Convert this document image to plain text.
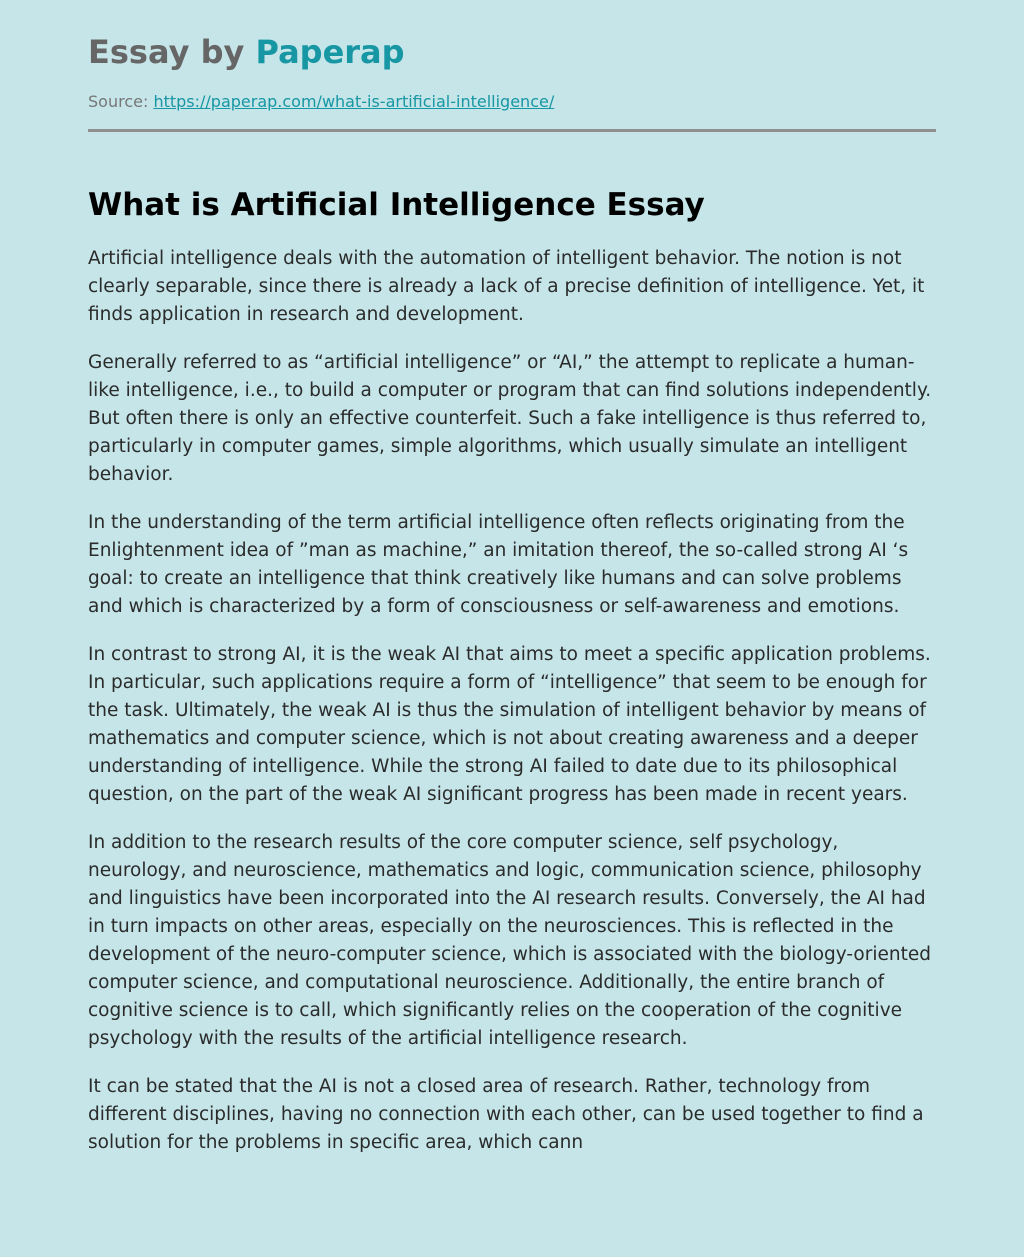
Essay by Paperap
Source: https://paperap.com/what-is-artificial-intelligence/
What is Artificial Intelligence Essay

Artificial intelligence deals with the automation of intelligent behavior. The notion is not clearly separable, since there is already a lack of a precise definition of intelligence. Yet, it finds application in research and development.

Generally referred to as “artificial intelligence” or “AI,” the attempt to replicate a human-like intelligence, i.e., to build a computer or program that can find solutions independently. But often there is only an effective counterfeit. Such a fake intelligence is thus referred to, particularly in computer games, simple algorithms, which usually simulate an intelligent behavior.

In the understanding of the term artificial intelligence often reflects originating from the Enlightenment idea of ”man as machine,” an imitation thereof, the so-called strong AI ‘s goal: to create an intelligence that think creatively like humans and can solve problems and which is characterized by a form of consciousness or self-awareness and emotions.

In contrast to strong AI, it is the weak AI that aims to meet a specific application problems. In particular, such applications require a form of “intelligence” that seem to be enough for the task. Ultimately, the weak AI is thus the simulation of intelligent behavior by means of mathematics and computer science, which is not about creating awareness and a deeper understanding of intelligence. While the strong AI failed to date due to its philosophical question, on the part of the weak AI significant progress has been made in recent years.

In addition to the research results of the core computer science, self psychology, neurology, and neuroscience, mathematics and logic, communication science, philosophy and linguistics have been incorporated into the AI research results. Conversely, the AI had in turn impacts on other areas, especially on the neurosciences. This is reflected in the development of the neuro-computer science, which is associated with the biology-oriented computer science, and computational neuroscience. Additionally, the entire branch of cognitive science is to call, which significantly relies on the cooperation of the cognitive psychology with the results of the artificial intelligence research.

It can be stated that the AI is not a closed area of research. Rather, technology from different disciplines, having no connection with each other, can be used together to find a solution for the problems in specific area, which cann
